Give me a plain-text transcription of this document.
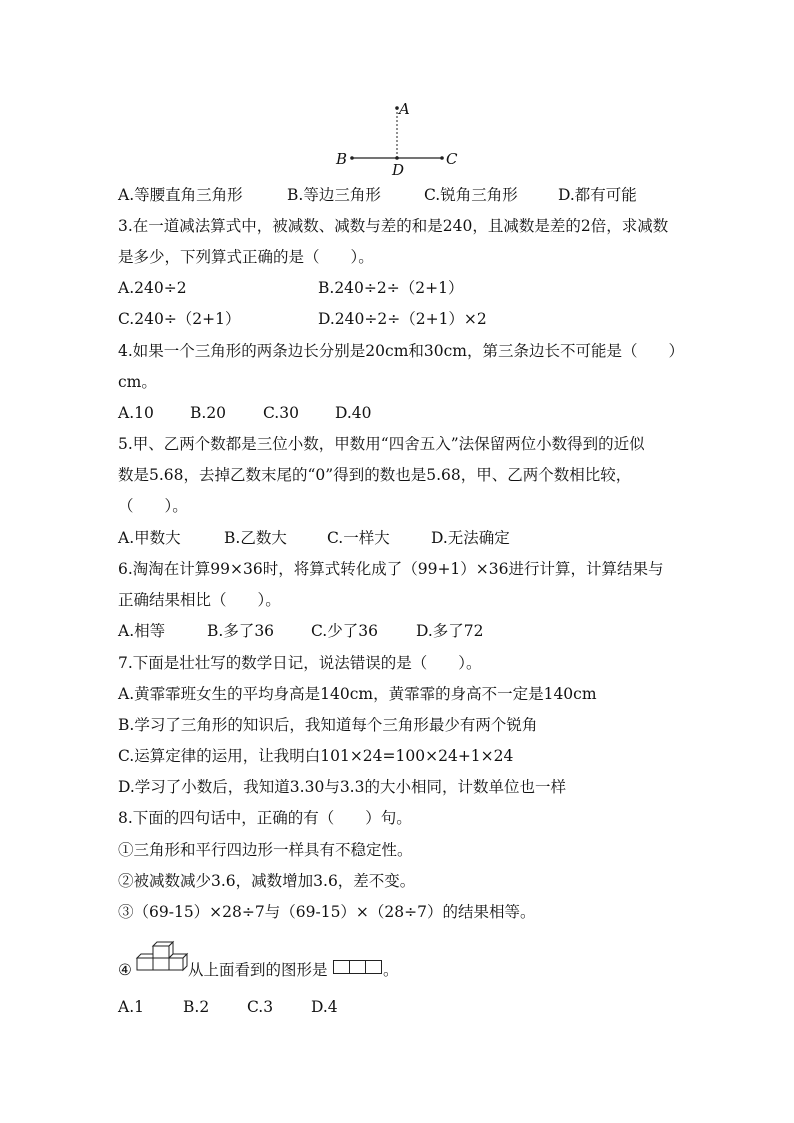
A
B	C
D
A.等腰直角三角形	B.等边三角形	C.锐角三角形	D.都有可能
3.在一道减法算式中，被减数、减数与差的和是240，且减数是差的2倍，求减数
是多少，下列算式正确的是（　　）。
A.240÷2	B.240÷2÷（2+1）
C.240÷（2+1）	D.240÷2÷（2+1）×2
4.如果一个三角形的两条边长分别是20cm和30cm，第三条边长不可能是（　　）
cm。
A.10 B.20 C.30 D.40
5.甲、乙两个数都是三位小数，甲数用“四舍五入”法保留两位小数得到的近似
数是5.68，去掉乙数末尾的“0”得到的数也是5.68，甲、乙两个数相比较，
（　　）。
A.甲数大	B.乙数大	C.一样大	D.无法确定
6.淘淘在计算99×36时，将算式转化成了（99+1）×36进行计算，计算结果与
正确结果相比（　　）。
A.相等	B.多了36 C.少了36 D.多了72
7.下面是壮壮写的数学日记，说法错误的是（　　）。
A.黄霏霏班女生的平均身高是140cm，黄霏霏的身高不一定是140cm
B.学习了三角形的知识后，我知道每个三角形最少有两个锐角
C.运算定律的运用，让我明白101×24=100×24+1×24
D.学习了小数后，我知道3.30与3.3的大小相同，计数单位也一样
8.下面的四句话中，正确的有（　　）句。
①三角形和平行四边形一样具有不稳定性。
②被减数减少3.6，减数增加3.6，差不变。
③（69-15）×28÷7与（69-15）×（28÷7）的结果相等。
④	从上面看到的图形是	。
A.1	B.2 C.3 D.4
